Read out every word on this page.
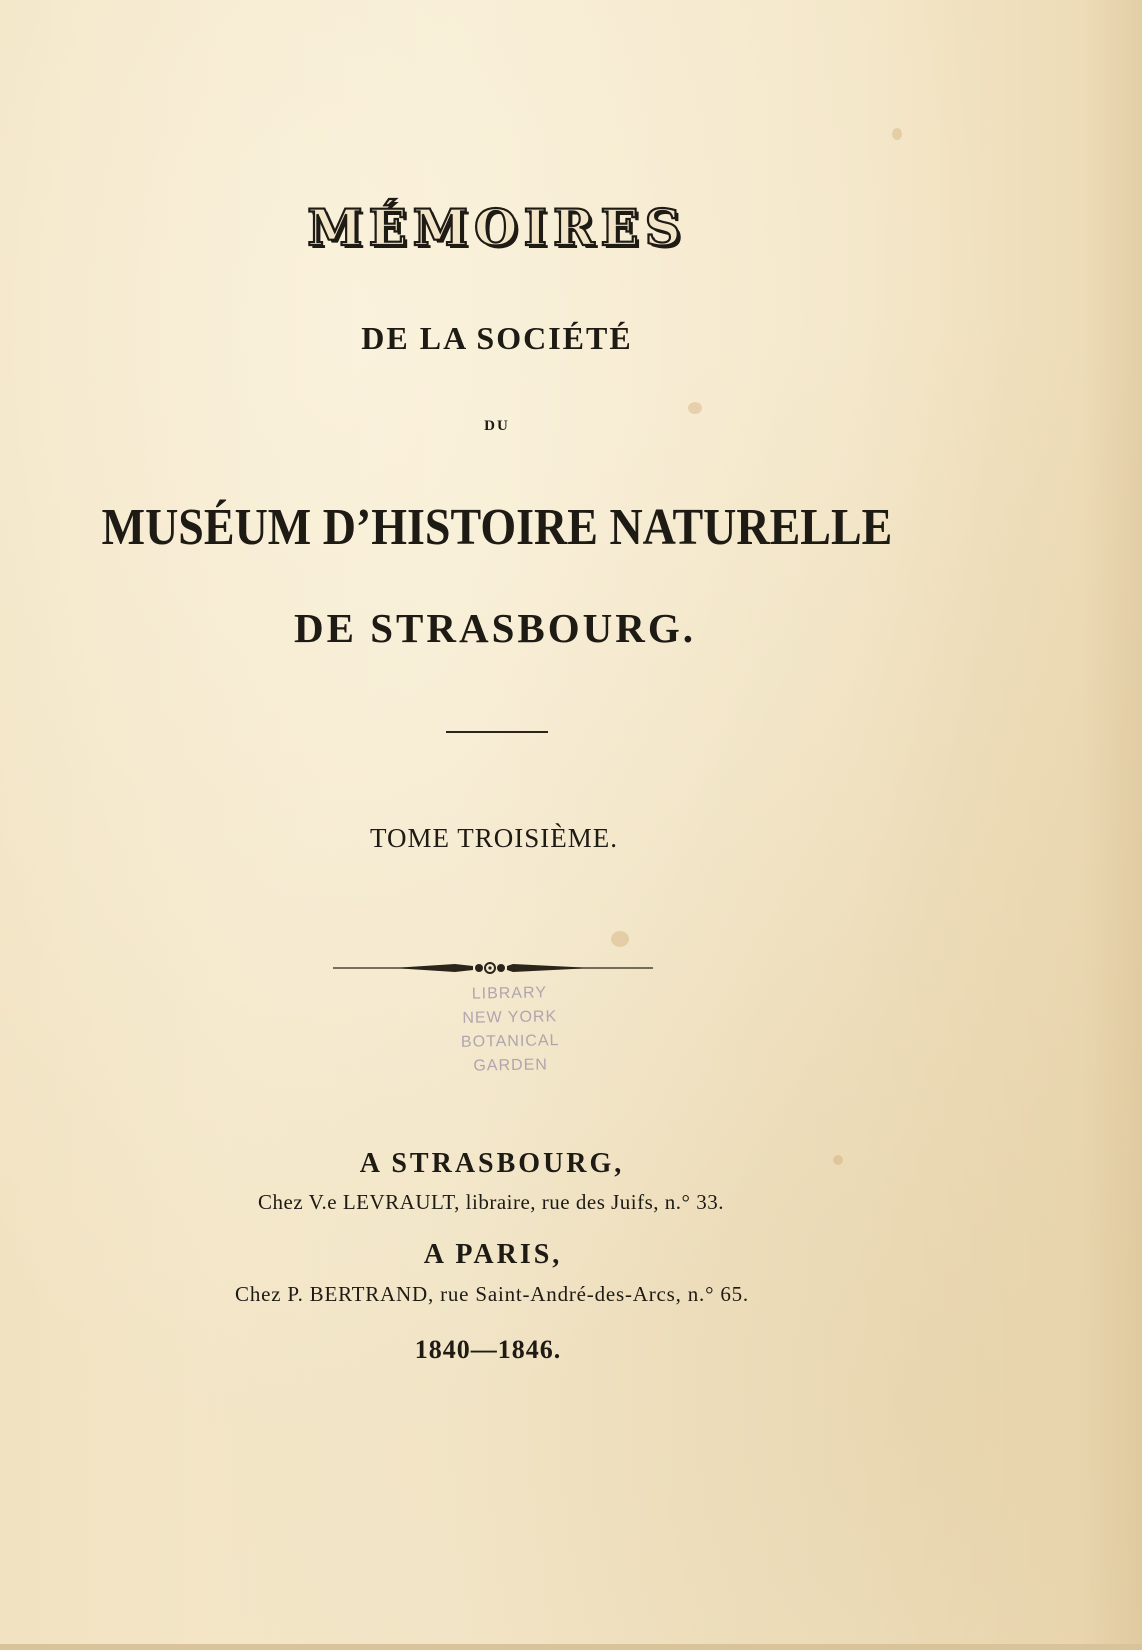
MÉMOIRES
DE LA SOCIÉTÉ
DU
MUSÉUM D’HISTOIRE NATURELLE
DE STRASBOURG.
TOME TROISIÈME.
LIBRARY
NEW YORK
BOTANICAL
GARDEN
A STRASBOURG,
Chez V.e LEVRAULT, libraire, rue des Juifs, n.° 33.
A PARIS,
Chez P. BERTRAND, rue Saint-André-des-Arcs, n.° 65.
1840—1846.
